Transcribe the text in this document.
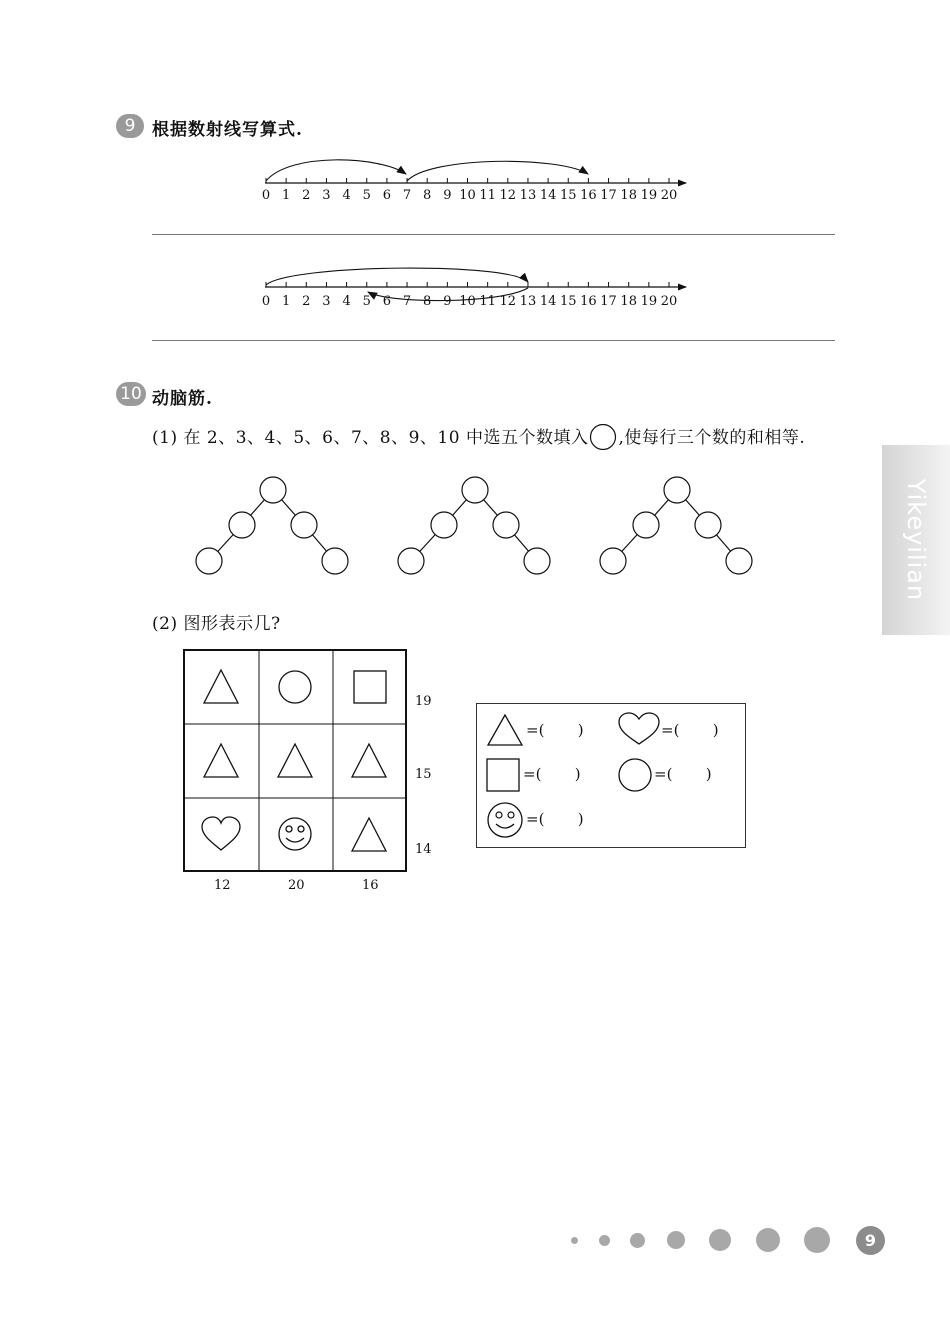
9 根据数射线写算式.
0 1 2 3 4 5 6 7 8 9 10 11 12 13 14 15 16 17 18 19 20
0 1 2 3 4 5 6 7 8 9 10 11 12 13 14 15 16 17 18 19 20
10 动脑筋.
(1) 在 2、3、4、5、6、7、8、9、10 中选五个数填入 ,使每行三个数的和相等.
(2) 图形表示几?
19
15
14
12	20	16
=(       )	=(       )
=(       )	=(       )
=(       )
Yikeyilian
9
